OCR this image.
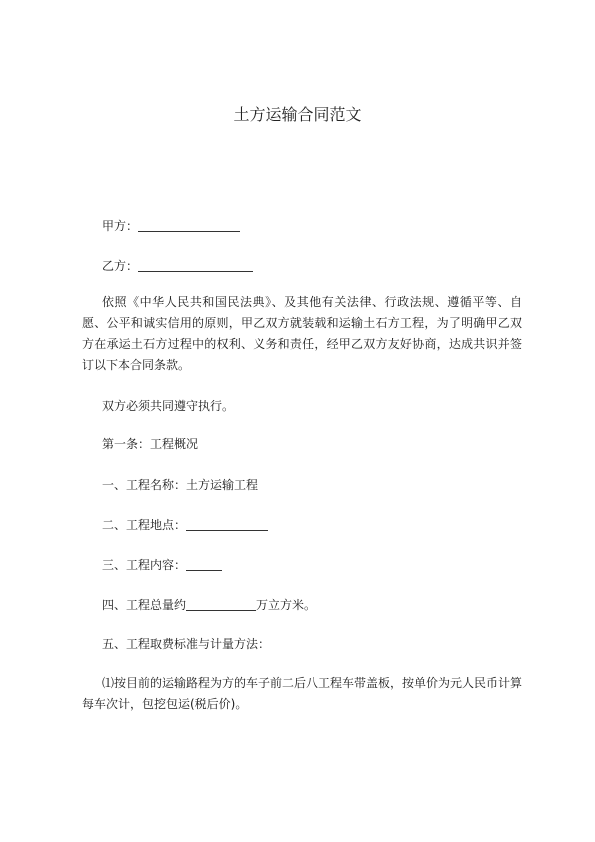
土方运输合同范文
甲方：
乙方：
依照《中华人民共和国民法典》、及其他有关法律、行政法规、遵循平等、自愿、公平和诚实信用的原则，甲乙双方就装载和运输土石方工程，为了明确甲乙双方在承运土石方过程中的权利、义务和责任，经甲乙双方友好协商，达成共识并签订以下本合同条款。
双方必须共同遵守执行。
第一条：工程概况
一、工程名称：土方运输工程
二、工程地点：
三、工程内容：
四、工程总量约	万立方米。
五、工程取费标准与计量方法：
⑴按目前的运输路程为方的车子前二后八工程车带盖板，按单价为元人民币计算每车次计，包挖包运(税后价)。
